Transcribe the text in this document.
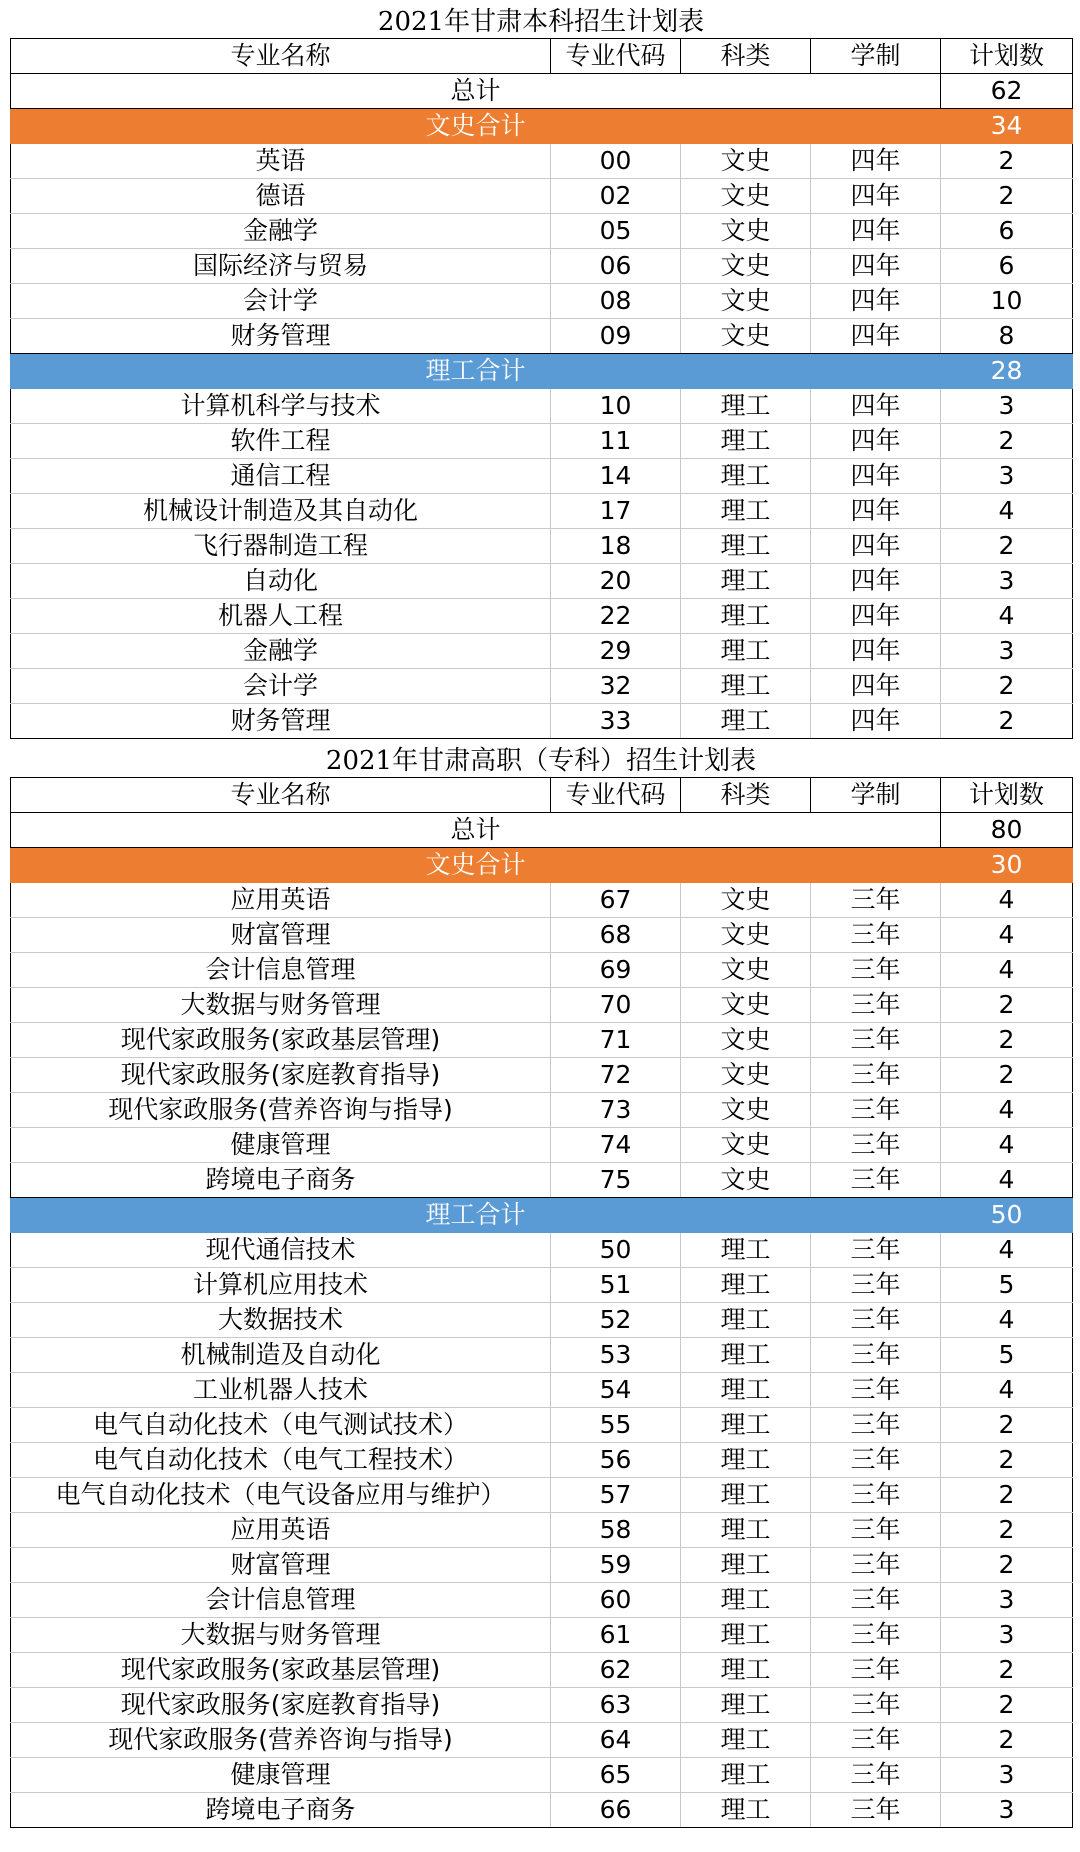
2021年甘肃本科招生计划表
专业名称	专业代码	科类	学制	计划数
总计				62
文史合计				34
英语	00	文史	四年	2
德语	02	文史	四年	2
金融学	05	文史	四年	6
国际经济与贸易	06	文史	四年	6
会计学	08	文史	四年	10
财务管理	09	文史	四年	8
理工合计				28
计算机科学与技术	10	理工	四年	3
软件工程	11	理工	四年	2
通信工程	14	理工	四年	3
机械设计制造及其自动化	17	理工	四年	4
飞行器制造工程	18	理工	四年	2
自动化	20	理工	四年	3
机器人工程	22	理工	四年	4
金融学	29	理工	四年	3
会计学	32	理工	四年	2
财务管理	33	理工	四年	2
2021年甘肃高职（专科）招生计划表
专业名称	专业代码	科类	学制	计划数
总计				80
文史合计				30
应用英语	67	文史	三年	4
财富管理	68	文史	三年	4
会计信息管理	69	文史	三年	4
大数据与财务管理	70	文史	三年	2
现代家政服务(家政基层管理)	71	文史	三年	2
现代家政服务(家庭教育指导)	72	文史	三年	2
现代家政服务(营养咨询与指导)	73	文史	三年	4
健康管理	74	文史	三年	4
跨境电子商务	75	文史	三年	4
理工合计				50
现代通信技术	50	理工	三年	4
计算机应用技术	51	理工	三年	5
大数据技术	52	理工	三年	4
机械制造及自动化	53	理工	三年	5
工业机器人技术	54	理工	三年	4
电气自动化技术（电气测试技术）	55	理工	三年	2
电气自动化技术（电气工程技术）	56	理工	三年	2
电气自动化技术（电气设备应用与维护）	57	理工	三年	2
应用英语	58	理工	三年	2
财富管理	59	理工	三年	2
会计信息管理	60	理工	三年	3
大数据与财务管理	61	理工	三年	3
现代家政服务(家政基层管理)	62	理工	三年	2
现代家政服务(家庭教育指导)	63	理工	三年	2
现代家政服务(营养咨询与指导)	64	理工	三年	2
健康管理	65	理工	三年	3
跨境电子商务	66	理工	三年	3
